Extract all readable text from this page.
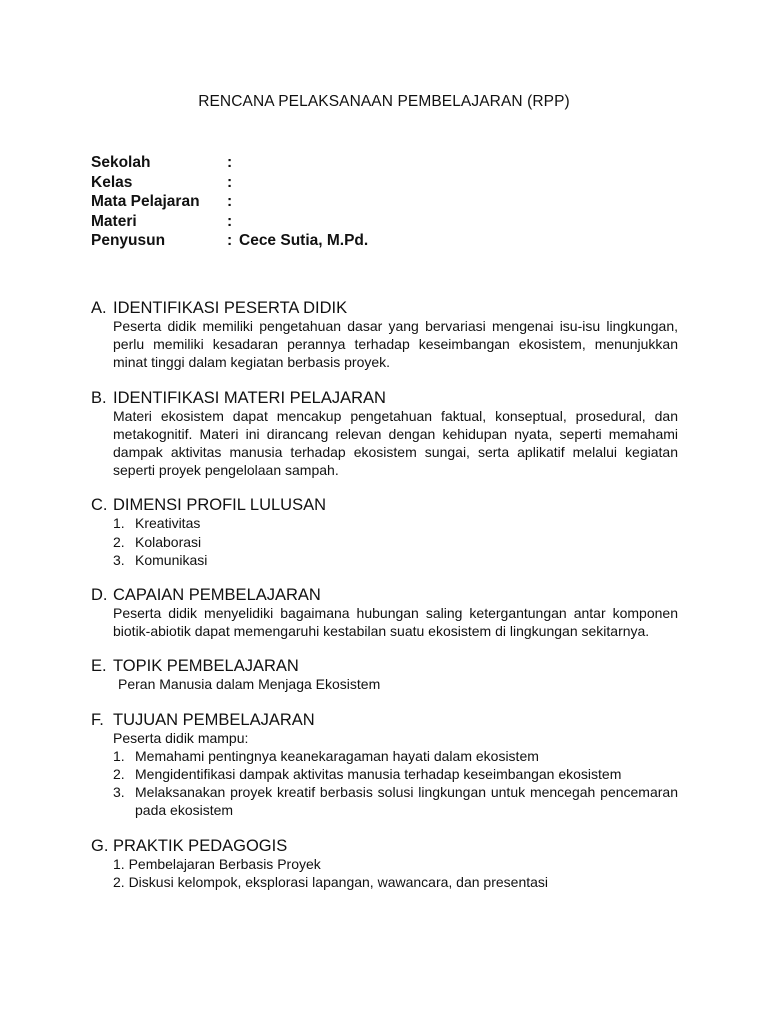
RENCANA PELAKSANAAN PEMBELAJARAN (RPP)
Sekolah	:
Kelas	:
Mata Pelajaran	:
Materi	:
Penyusun	: Cece Sutia, M.Pd.
A. IDENTIFIKASI PESERTA DIDIK

Peserta didik memiliki pengetahuan dasar yang bervariasi mengenai isu-isu lingkungan, perlu memiliki kesadaran perannya terhadap keseimbangan ekosistem, menunjukkan minat tinggi dalam kegiatan berbasis proyek.

B. IDENTIFIKASI MATERI PELAJARAN

Materi ekosistem dapat mencakup pengetahuan faktual, konseptual, prosedural, dan metakognitif. Materi ini dirancang relevan dengan kehidupan nyata, seperti memahami dampak aktivitas manusia terhadap ekosistem sungai, serta aplikatif melalui kegiatan seperti proyek pengelolaan sampah.

C. DIMENSI PROFIL LULUSAN
1. Kreativitas
2. Kolaborasi
3. Komunikasi
D. CAPAIAN PEMBELAJARAN

Peserta didik menyelidiki bagaimana hubungan saling ketergantungan antar komponen biotik-abiotik dapat memengaruhi kestabilan suatu ekosistem di lingkungan sekitarnya.

E. TOPIK PEMBELAJARAN

Peran Manusia dalam Menjaga Ekosistem

F. TUJUAN PEMBELAJARAN

Peserta didik mampu:

1. Memahami pentingnya keanekaragaman hayati dalam ekosistem
2. Mengidentifikasi dampak aktivitas manusia terhadap keseimbangan ekosistem
3. Melaksanakan proyek kreatif berbasis solusi lingkungan untuk mencegah pencemaran pada ekosistem
G. PRAKTIK PEDAGOGIS
1. Pembelajaran Berbasis Proyek
2. Diskusi kelompok, eksplorasi lapangan, wawancara, dan presentasi
